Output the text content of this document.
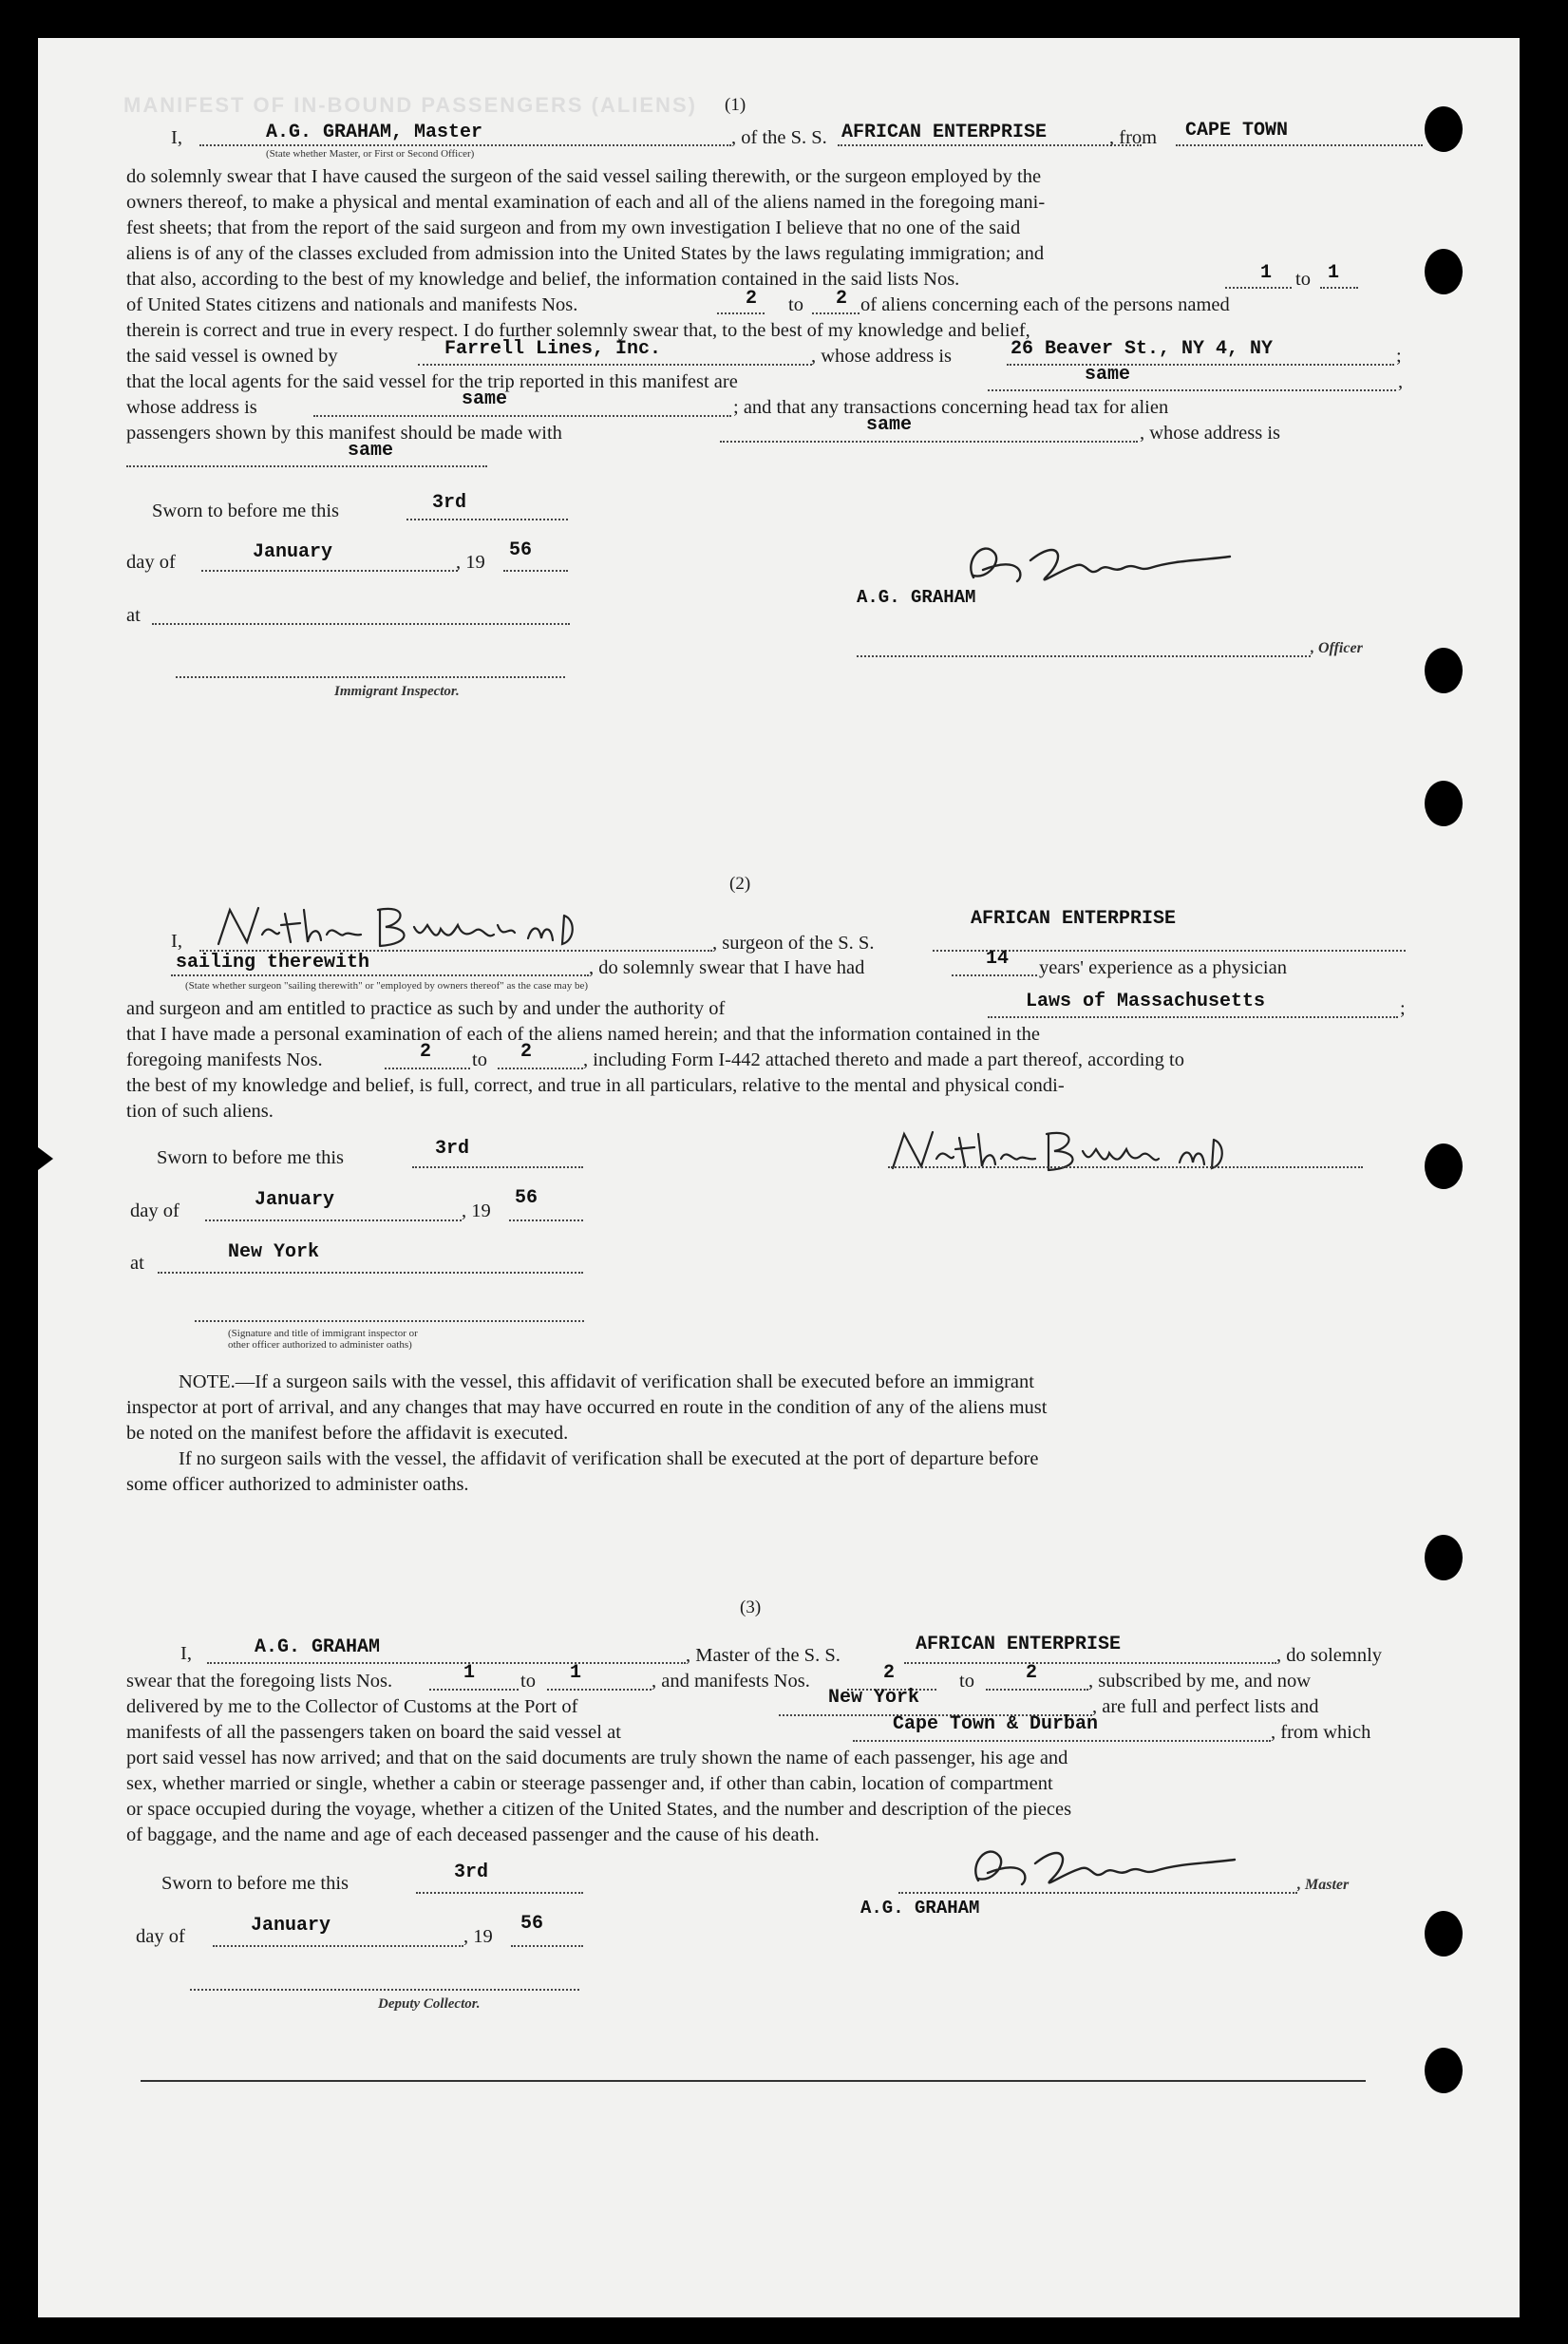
MANIFEST OF IN-BOUND PASSENGERS (ALIENS) (1)
I,	A.G. GRAHAM, Master
(State whether Master, or First or Second Officer)
, of the S. S. AFRICAN ENTERPRISE	, from CAPE TOWN
do solemnly swear that I have caused the surgeon of the said vessel sailing therewith, or the surgeon employed by the
owners thereof, to make a physical and mental examination of each and all of the aliens named in the foregoing mani-
fest sheets; that from the report of the said surgeon and from my own investigation I believe that no one of the said
aliens is of any of the classes excluded from admission into the United States by the laws regulating immigration; and
that also, according to the best of my knowledge and belief, the information contained in the said lists Nos.	1 to 1
of United States citizens and nationals and manifests Nos.	2 to 2 of aliens concerning each of the persons named
therein is correct and true in every respect. I do further solemnly swear that, to the best of my knowledge and belief,
the said vessel is owned by	Farrell Lines, Inc.	, whose address is	26 Beaver St., NY 4, NY	;
that the local agents for the said vessel for the trip reported in this manifest are	same	,
whose address is	same	; and that any transactions concerning head tax for alien
passengers shown by this manifest should be made with	same	, whose address is
same
Sworn to before me this	3rd
day of	January	, 19
56
at
Immigrant Inspector.
A.G. GRAHAM
, Officer
(2)
I,	, surgeon of the S. S.
AFRICAN ENTERPRISE
sailing therewith	, do solemnly swear that I have had	14 years' experience as a physician
(State whether surgeon "sailing therewith" or "employed by owners thereof" as the case may be)
and surgeon and am entitled to practice as such by and under the authority of	Laws of Massachusetts	;
that I have made a personal examination of each of the aliens named herein; and that the information contained in the
foregoing manifests Nos.	2 to 2	, including Form I-442 attached thereto and made a part thereof, according to
the best of my knowledge and belief, is full, correct, and true in all particulars, relative to the mental and physical condi-
tion of such aliens.
Sworn to before me this	3rd
day of	January	, 19
56
at	New York
(Signature and title of immigrant inspector or
other officer authorized to administer oaths)
NOTE.—If a surgeon sails with the vessel, this affidavit of verification shall be executed before an immigrant
inspector at port of arrival, and any changes that may have occurred en route in the condition of any of the aliens must
be noted on the manifest before the affidavit is executed.
If no surgeon sails with the vessel, the affidavit of verification shall be executed at the port of departure before
some officer authorized to administer oaths.
(3)
I,	A.G. GRAHAM	, Master of the S. S.	AFRICAN ENTERPRISE	, do solemnly
swear that the foregoing lists Nos.	1 to 1	, and manifests Nos.	2	to	2	, subscribed by me, and now
delivered by me to the Collector of Customs at the Port of	New York	, are full and perfect lists and
manifests of all the passengers taken on board the said vessel at	Cape Town & Durban	, from which
port said vessel has now arrived; and that on the said documents are truly shown the name of each passenger, his age and
sex, whether married or single, whether a cabin or steerage passenger and, if other than cabin, location of compartment
or space occupied during the voyage, whether a citizen of the United States, and the number and description of the pieces
of baggage, and the name and age of each deceased passenger and the cause of his death.
Sworn to before me this	3rd
day of	January	, 19
56
Deputy Collector.
, Master
A.G. GRAHAM
